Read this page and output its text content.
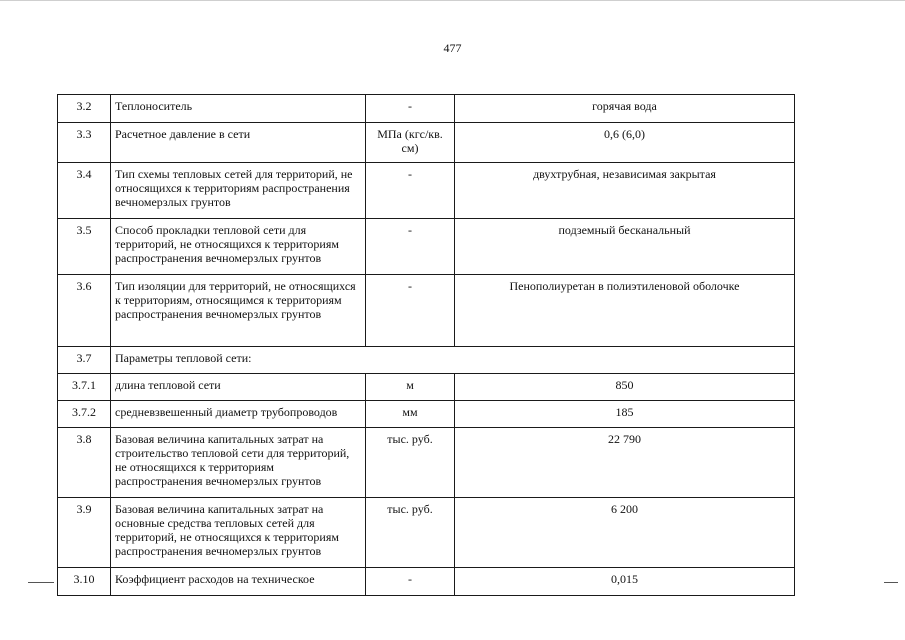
477
3.2	Теплоноситель	-	горячая вода
3.3	Расчетное давление в сети	МПа (кгс/кв. см)	0,6 (6,0)
3.4	Тип схемы тепловых сетей для территорий, не относящихся к территориям распространения вечномерзлых грунтов	-	двухтрубная, независимая закрытая
3.5	Способ прокладки тепловой сети для территорий, не относящихся к территориям распространения вечномерзлых грунтов	-	подземный бесканальный
3.6	Тип изоляции для территорий, не относящихся к территориям, относящимся к территориям распространения вечномерзлых грунтов	-	Пенополиуретан в полиэтиленовой оболочке
3.7	Параметры тепловой сети:		
3.7.1	длина тепловой сети	м	850
3.7.2	средневзвешенный диаметр трубопроводов	мм	185
3.8	Базовая величина капитальных затрат на строительство тепловой сети для территорий, не относящихся к территориям распространения вечномерзлых грунтов	тыс. руб.	22 790
3.9	Базовая величина капитальных затрат на основные средства тепловых сетей для территорий, не относящихся к территориям распространения вечномерзлых грунтов	тыс. руб.	6 200
3.10	Коэффициент расходов на техническое	-	0,015
